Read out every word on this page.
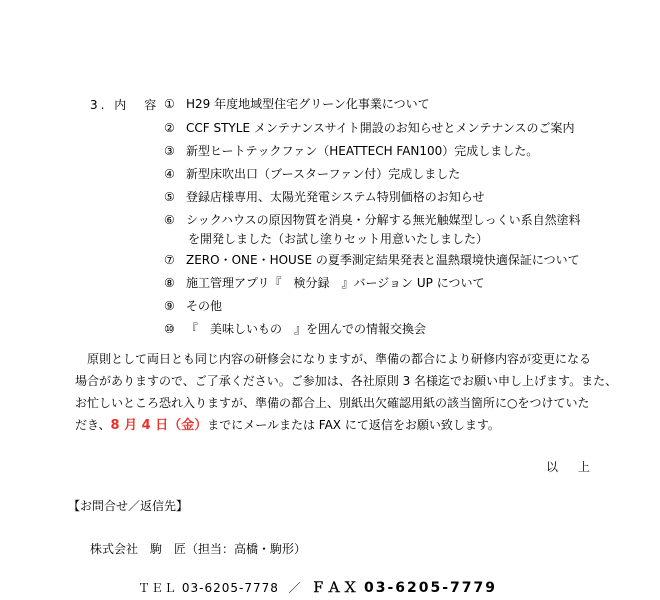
3. 内　容 ① H29 年度地域型住宅グリーン化事業について
② CCF STYLE メンテナンスサイト開設のお知らせとメンテナンスのご案内
③ 新型ヒートテックファン（HEATTECH FAN100）完成しました。
④ 新型床吹出口（ブースターファン付）完成しました
⑤ 登録店様専用、太陽光発電システム特別価格のお知らせ
⑥ シックハウスの原因物質を消臭・分解する無光触媒型しっくい系自然塗料
を開発しました（お試し塗りセット用意いたしました）
⑦ ZERO・ONE・HOUSE の夏季測定結果発表と温熱環境快適保証について
⑧ 施工管理アプリ『　検分録　』バージョン UP について
⑨ その他
⑩ 『　美味しいもの　』を囲んでの情報交換会
　原則として両日とも同じ内容の研修会になりますが、準備の都合により研修内容が変更になる
場合がありますので、ご了承ください。ご参加は、各社原則 3 名様迄でお願い申し上げます。また、
お忙しいところ恐れ入りますが、準備の都合上、別紙出欠確認用紙の該当箇所に○をつけていた
だき、8 月 4 日（金）までにメールまたは FAX にて返信をお願い致します。
以 上
【お問合せ／返信先】
株式会社　駒　匠（担当：高橋・駒形）
ＴＥＬ 03-6205-7778 ／ ＦＡＸ 03-6205-7779
